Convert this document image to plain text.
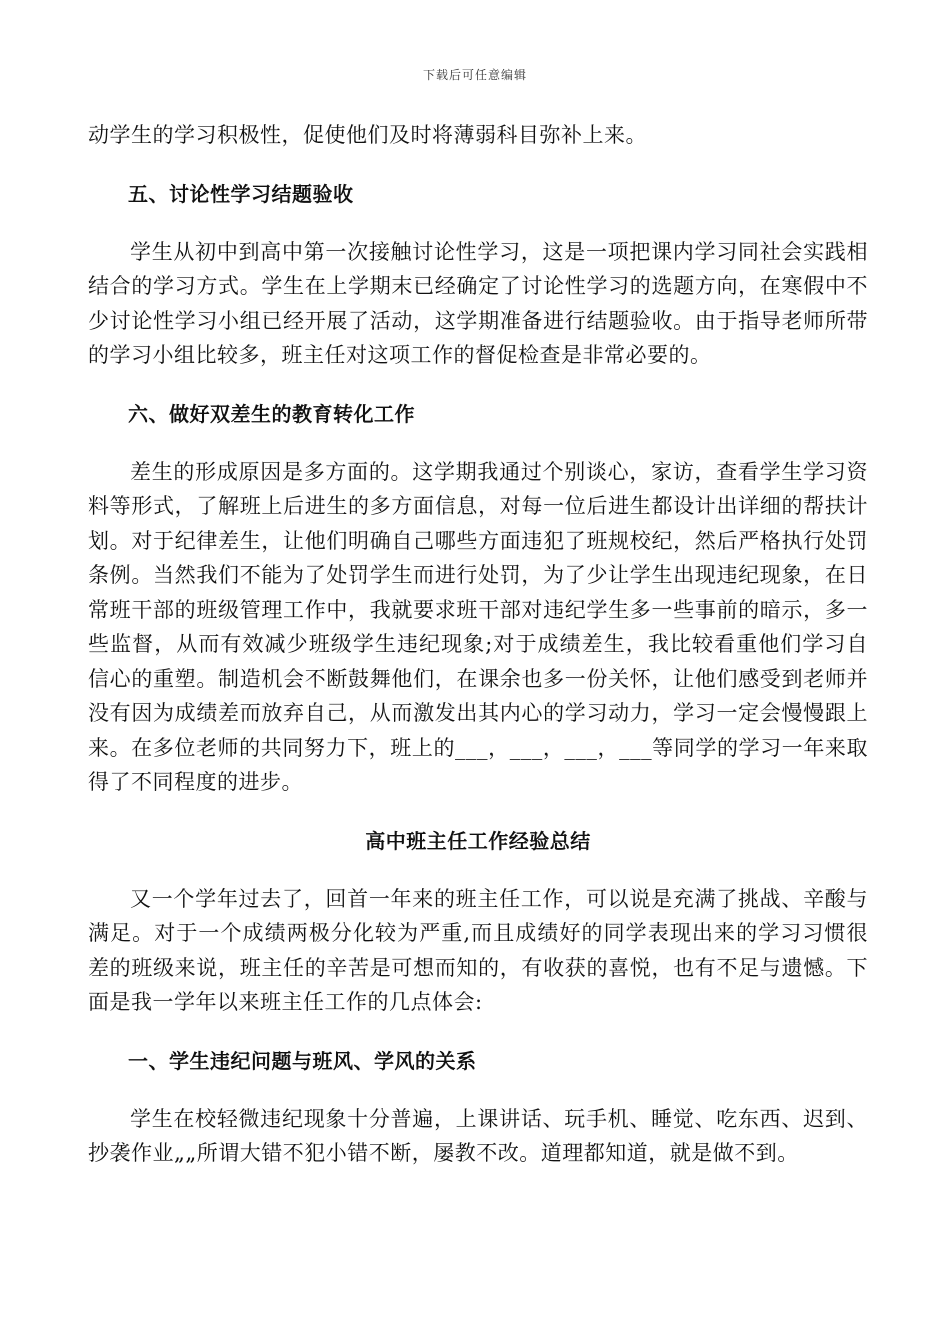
下载后可任意编辑

动学生的学习积极性，促使他们及时将薄弱科目弥补上来。

五、讨论性学习结题验收

学生从初中到高中第一次接触讨论性学习，这是一项把课内学习同社会实践相结合的学习方式。学生在上学期末已经确定了讨论性学习的选题方向，在寒假中不少讨论性学习小组已经开展了活动，这学期准备进行结题验收。由于指导老师所带的学习小组比较多，班主任对这项工作的督促检查是非常必要的。

六、做好双差生的教育转化工作

差生的形成原因是多方面的。这学期我通过个别谈心，家访，查看学生学习资料等形式，了解班上后进生的多方面信息，对每一位后进生都设计出详细的帮扶计划。对于纪律差生，让他们明确自己哪些方面违犯了班规校纪，然后严格执行处罚条例。当然我们不能为了处罚学生而进行处罚，为了少让学生出现违纪现象，在日常班干部的班级管理工作中，我就要求班干部对违纪学生多一些事前的暗示，多一些监督，从而有效减少班级学生违纪现象;对于成绩差生，我比较看重他们学习自信心的重塑。制造机会不断鼓舞他们，在课余也多一份关怀，让他们感受到老师并没有因为成绩差而放弃自己，从而激发出其内心的学习动力，学习一定会慢慢跟上来。在多位老师的共同努力下，班上的___，___，___，___等同学的学习一年来取得了不同程度的进步。

高中班主任工作经验总结

又一个学年过去了，回首一年来的班主任工作，可以说是充满了挑战、辛酸与满足。对于一个成绩两极分化较为严重,而且成绩好的同学表现出来的学习习惯很差的班级来说，班主任的辛苦是可想而知的，有收获的喜悦，也有不足与遗憾。下面是我一学年以来班主任工作的几点体会:

一、学生违纪问题与班风、学风的关系

学生在校轻微违纪现象十分普遍，上课讲话、玩手机、睡觉、吃东西、迟到、抄袭作业„„所谓大错不犯小错不断，屡教不改。道理都知道，就是做不到。
